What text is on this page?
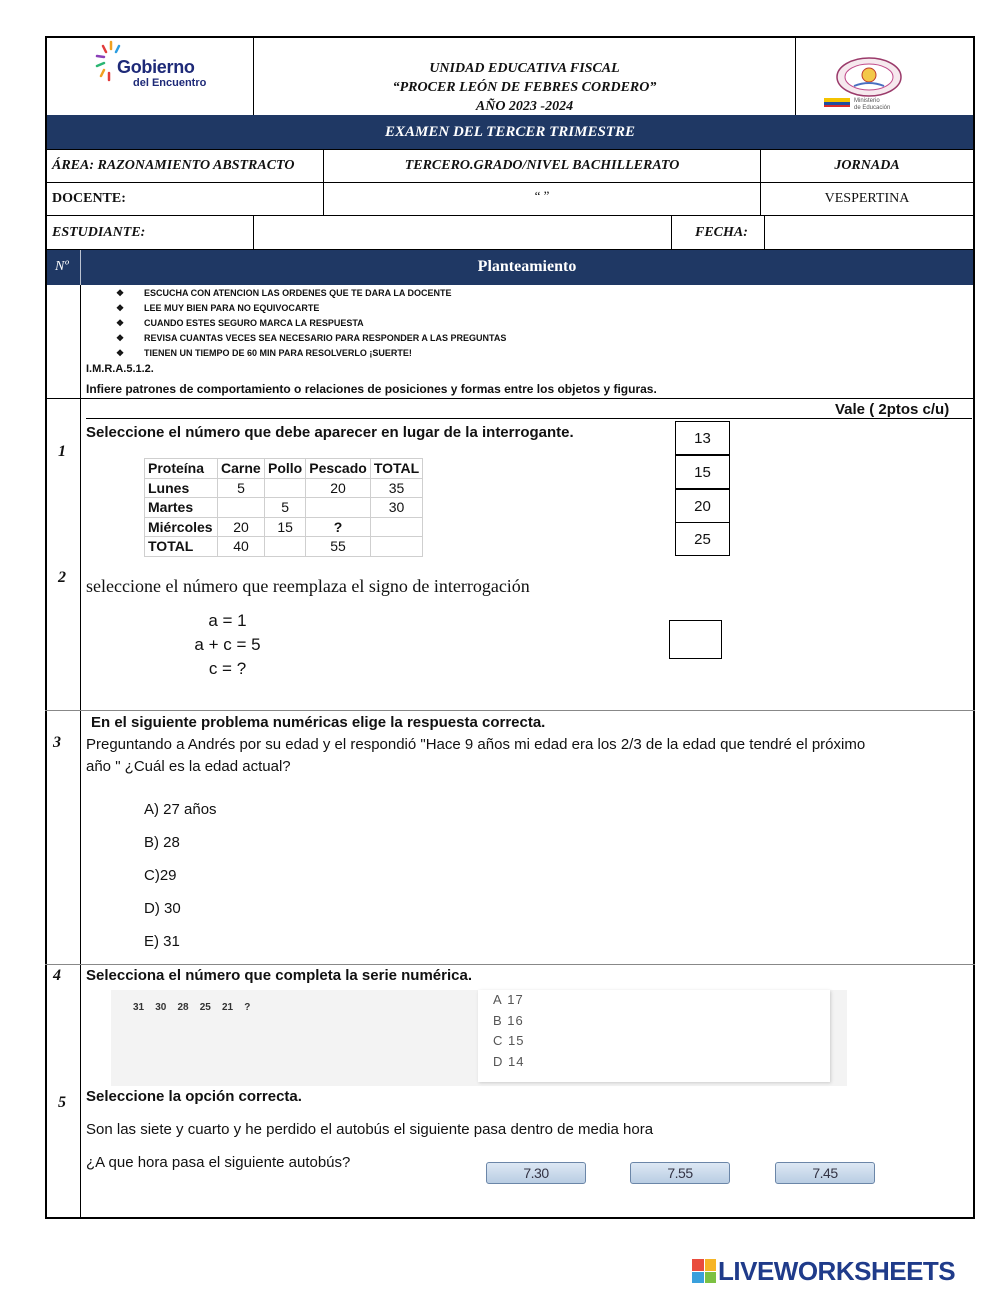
Gobierno
del Encuentro
UNIDAD EDUCATIVA FISCAL
“PROCER LEÓN DE FEBRES CORDERO”
AÑO 2023 -2024	Ministerio
de Educación
EXAMEN DEL TERCER TRIMESTRE
ÁREA: RAZONAMIENTO ABSTRACTO	TERCERO.GRADO/NIVEL BACHILLERATO	JORNADA
DOCENTE:	“ ”	VESPERTINA
ESTUDIANTE:	FECHA:
Nº	Planteamiento
❖ ESCUCHA CON ATENCION LAS ORDENES QUE TE DARA LA DOCENTE
❖ LEE MUY BIEN PARA NO EQUIVOCARTE
❖ CUANDO ESTES SEGURO MARCA LA RESPUESTA
❖ REVISA CUANTAS VECES SEA NECESARIO PARA RESPONDER A LAS PREGUNTAS
❖ TIENEN UN TIEMPO DE 60 MIN PARA RESOLVERLO ¡SUERTE!
I.M.R.A.5.1.2.
Infiere patrones de comportamiento o relaciones de posiciones y formas entre los objetos y figuras.
1
Vale ( 2ptos c/u)
Seleccione el número que debe aparecer en lugar de la interrogante.
Proteína	Carne	Pollo	Pescado	TOTAL
Lunes	5		20	35
Martes		5		30
Miércoles	20	15	?	
TOTAL	40		55	
13
15
20
25
2 seleccione el número que reemplaza el signo de interrogación
a = 1
a + c = 5
c = ?
3
En el siguiente problema numéricas elige la respuesta correcta.
Preguntando a Andrés por su edad y el respondió "Hace 9 años mi edad era los 2/3 de la edad que tendré el próximo
año " ¿Cuál es la edad actual?
A) 27 años
B) 28
C)29
D) 30
E) 31
4 Selecciona el número que completa la serie numérica.
31 30 28 25 21 ?
A 17
B 16
C 15
D 14
5 Seleccione la opción correcta.
Son las siete y cuarto y he perdido el autobús el siguiente pasa dentro de media hora
¿A que hora pasa el siguiente autobús?
7.30	7.55	7.45
LIVEWORKSHEETS
